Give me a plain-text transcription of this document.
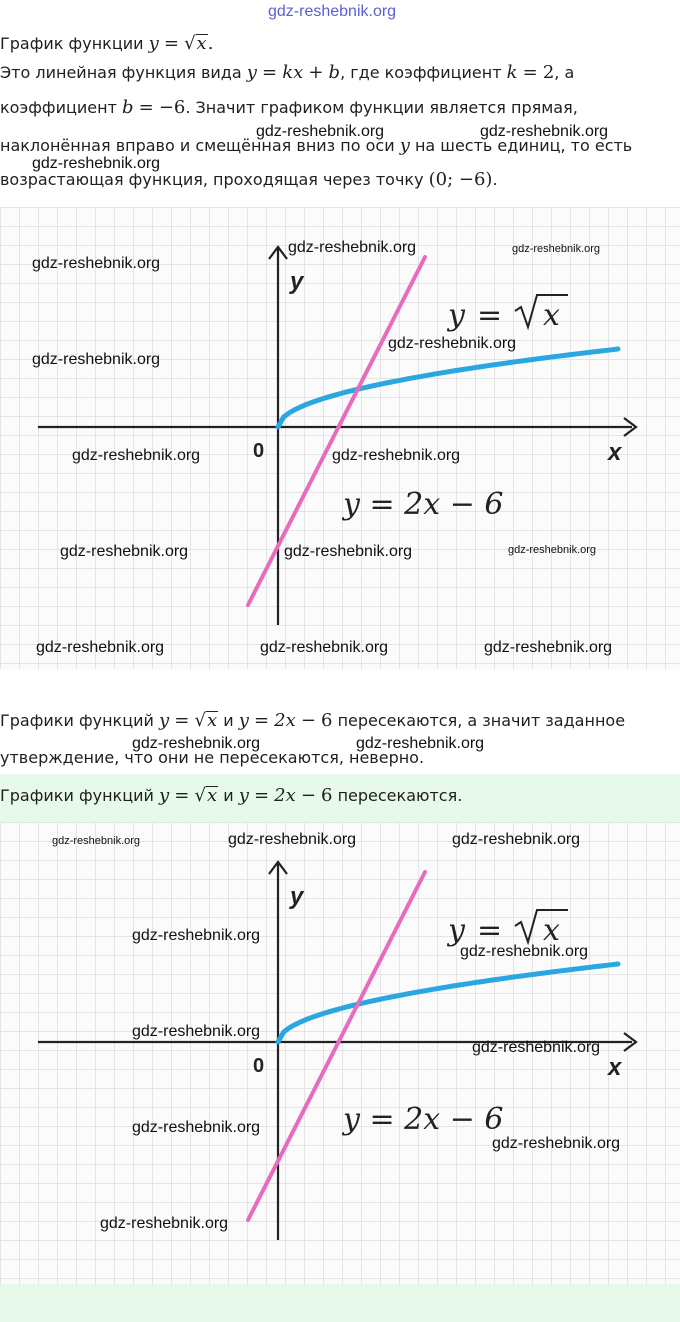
gdz-reshebnik.org
График функции y = √x.
Это линейная функция вида y = kx + b, где коэффициент k = 2, а
коэффициент b = −6. Значит графиком функции является прямая,
наклонённая вправо и смещённая вниз по оси y на шесть единиц, то есть
возрастающая функция, проходящая через точку (0; −6).
gdz-reshebnik.org	gdz-reshebnik.org
gdz-reshebnik.org
y
x
0
y = x
y = 2x − 6
gdz-reshebnik.org	gdz-reshebnik.org
gdz-reshebnik.org
gdz-reshebnik.org
gdz-reshebnik.org
gdz-reshebnik.org	gdz-reshebnik.org
gdz-reshebnik.org	gdz-reshebnik.org	gdz-reshebnik.org
gdz-reshebnik.org	gdz-reshebnik.org	gdz-reshebnik.org
Графики функций y = √x и y = 2x − 6 пересекаются, а значит заданное
утверждение, что они не пересекаются, неверно.
gdz-reshebnik.org	gdz-reshebnik.org
Графики функций y = √x и y = 2x − 6 пересекаются.
y
x
0
y = x
y = 2x − 6
gdz-reshebnik.org	gdz-reshebnik.org	gdz-reshebnik.org
gdz-reshebnik.org
gdz-reshebnik.org
gdz-reshebnik.org
gdz-reshebnik.org
gdz-reshebnik.org
gdz-reshebnik.org
gdz-reshebnik.org
